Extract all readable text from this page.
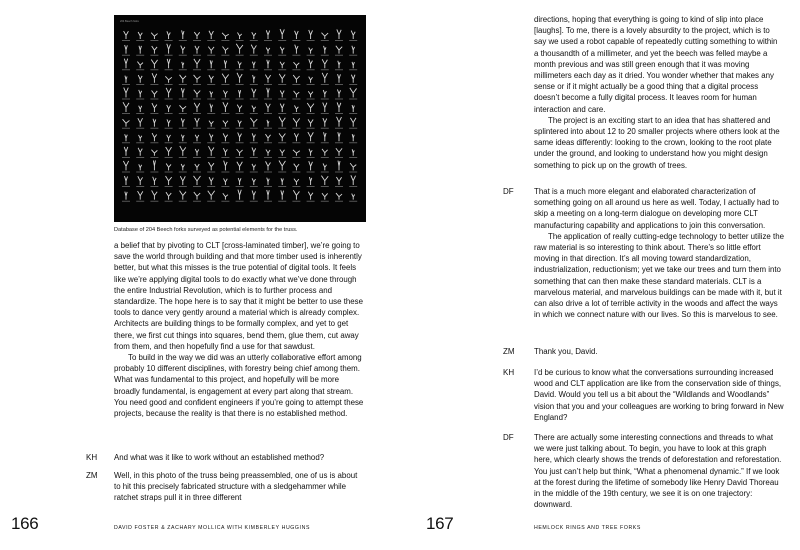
204 Beech forks
Database of 204 Beech forks surveyed as potential elements for the truss.

a belief that by pivoting to CLT [cross-laminated timber], we’re going to save the world through building and that more timber used is inherently better, but what this misses is the true potential of digital tools. It feels like we’re applying digital tools to do exactly what we’ve done through the entire Industrial Revolution, which is to further process and standardize. The hope here is to say that it might be better to use these tools to dance very gently around a material which is already complex. Architects are building things to be formally complex, and yet to get there, we first cut things into squares, bend them, glue them, cut away from them, and then hopefully find a use for that sawdust.

To build in the way we did was an utterly collaborative effort among probably 10 different disciplines, with forestry being chief among them. What was fundamental to this project, and hopefully will be more broadly fundamental, is engagement at every part along that stream. You need good and confident engineers if you’re going to attempt these projects, because the reality is that there is no established method.

KH And what was it like to work without an established method?
ZM Well, in this photo of the truss being preassembled, one of us is about to hit this precisely fabricated structure with a sledgehammer while ratchet straps pull it in three different
166	DAVID FOSTER & ZACHARY MOLLICA WITH KIMBERLEY HUGGINS

directions, hoping that everything is going to kind of slip into place [laughs]. To me, there is a lovely absurdity to the project, which is to say we used a robot capable of repeatedly cutting something to within a thousandth of a millimeter, and yet the beech was felled maybe a month previous and was still green enough that it was moving millimeters each day as it dried. You wonder whether that makes any sense or if it might actually be a good thing that a digital process doesn’t become a fully digital process. It leaves room for human interaction and care.

The project is an exciting start to an idea that has shattered and splintered into about 12 to 20 smaller projects where others look at the same ideas differently: looking to the crown, looking to the root plate under the ground, and looking to understand how you might design something to pick up on the growth of trees.

DF	That is a much more elegant and elaborated characterization of something going on all around us here as well. Today, I actually had to skip a meeting on a long-term dialogue on developing more CLT manufacturing capability and applications to join this conversation.

The application of really cutting-edge technology to better utilize the raw material is so interesting to think about. There’s so little effort moving in that direction. It’s all moving toward standardization, industrialization, reductionism; yet we take our trees and turn them into something that can then make these standard materials. CLT is a marvelous material, and marvelous buildings can be made with it, but it can also drive a lot of terrible activity in the woods and affect the ways in which we connect nature with our lives. So this is marvelous to see.

ZM Thank you, David.
KH	I’d be curious to know what the conversations surrounding increased wood and CLT application are like from the conservation side of things, David. Would you tell us a bit about the “Wildlands and Woodlands” vision that you and your colleagues are working to bring forward in New England?
DF	There are actually some interesting connections and threads to what we were just talking about. To begin, you have to look at this graph here, which clearly shows the trends of deforestation and reforestation. You just can’t help but think, “What a phenomenal dynamic.” If we look at the forest during the lifetime of somebody like Henry David Thoreau in the middle of the 19th century, we see it is on one trajectory: downward.
167	HEMLOCK RINGS AND TREE FORKS
